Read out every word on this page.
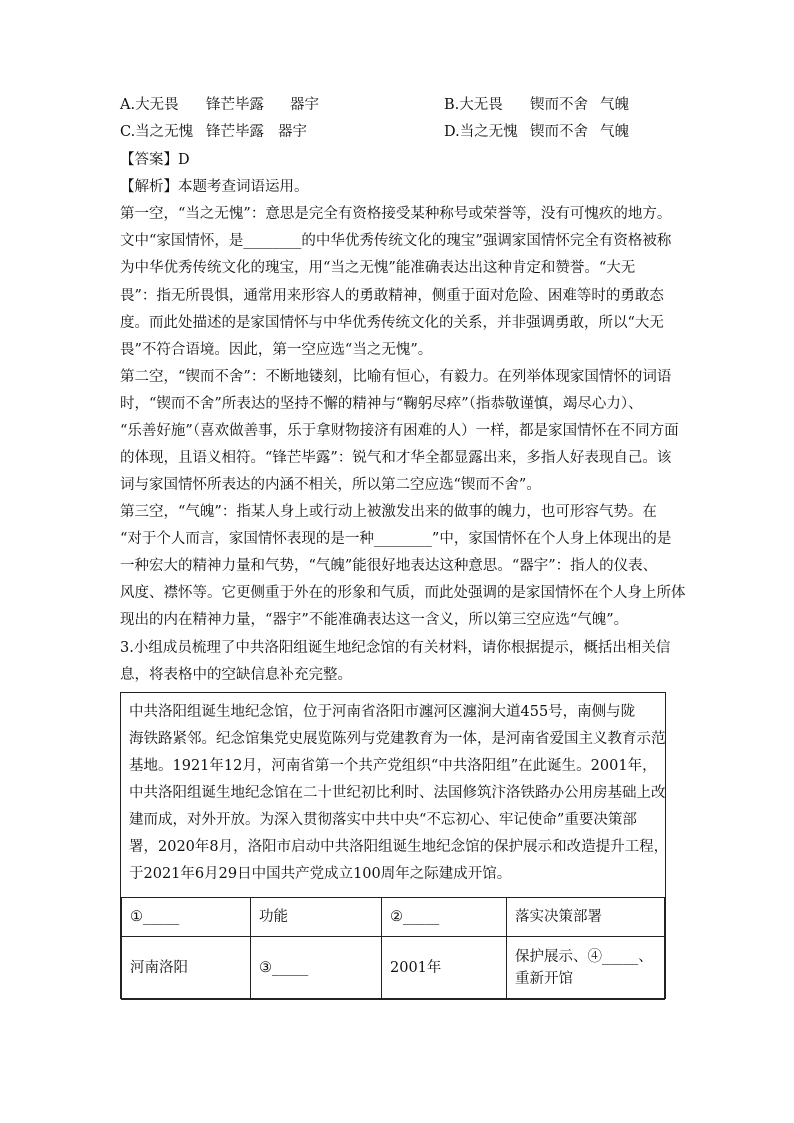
A.大无畏 锋芒毕露 器宇	B.大无畏 锲而不舍 气魄
C.当之无愧 锋芒毕露 器宇	D.当之无愧 锲而不舍 气魄
【答案】D
【解析】本题考查词语运用。
第一空，“当之无愧”：意思是完全有资格接受某种称号或荣誉等，没有可愧疚的地方。
文中“家国情怀，是________的中华优秀传统文化的瑰宝”强调家国情怀完全有资格被称
为中华优秀传统文化的瑰宝，用“当之无愧”能准确表达出这种肯定和赞誉。“大无
畏”：指无所畏惧，通常用来形容人的勇敢精神，侧重于面对危险、困难等时的勇敢态
度。而此处描述的是家国情怀与中华优秀传统文化的关系，并非强调勇敢，所以“大无
畏”不符合语境。因此，第一空应选“当之无愧”。
第二空，“锲而不舍”：不断地镂刻，比喻有恒心，有毅力。在列举体现家国情怀的词语
时，“锲而不舍”所表达的坚持不懈的精神与“鞠躬尽瘁”（指恭敬谨慎，竭尽心力）、
“乐善好施”（喜欢做善事，乐于拿财物接济有困难的人）一样，都是家国情怀在不同方面
的体现，且语义相符。“锋芒毕露”：锐气和才华全都显露出来，多指人好表现自己。该
词与家国情怀所表达的内涵不相关，所以第二空应选“锲而不舍”。
第三空，“气魄”：指某人身上或行动上被激发出来的做事的魄力，也可形容气势。在
“对于个人而言，家国情怀表现的是一种________”中，家国情怀在个人身上体现出的是
一种宏大的精神力量和气势，“气魄”能很好地表达这种意思。“器宇”：指人的仪表、
风度、襟怀等。它更侧重于外在的形象和气质，而此处强调的是家国情怀在个人身上所体
现出的内在精神力量，“器宇”不能准确表达这一含义，所以第三空应选“气魄”。
3.小组成员梳理了中共洛阳组诞生地纪念馆的有关材料，请你根据提示，概括出相关信
息，将表格中的空缺信息补充完整。
中共洛阳组诞生地纪念馆，位于河南省洛阳市瀍河区瀍涧大道455号，南侧与陇
海铁路紧邻。纪念馆集党史展览陈列与党建教育为一体，是河南省爱国主义教育示范
基地。1921年12月，河南省第一个共产党组织“中共洛阳组”在此诞生。2001年，
中共洛阳组诞生地纪念馆在二十世纪初比利时、法国修筑汴洛铁路办公用房基础上改
建而成，对外开放。为深入贯彻落实中共中央“不忘初心、牢记使命”重要决策部
署，2020年8月，洛阳市启动中共洛阳组诞生地纪念馆的保护展示和改造提升工程，
于2021年6月29日中国共产党成立100周年之际建成开馆。
①_____	功能	②_____	落实决策部署
河南洛阳	③_____	2001年	保护展示、④_____、重新开馆
